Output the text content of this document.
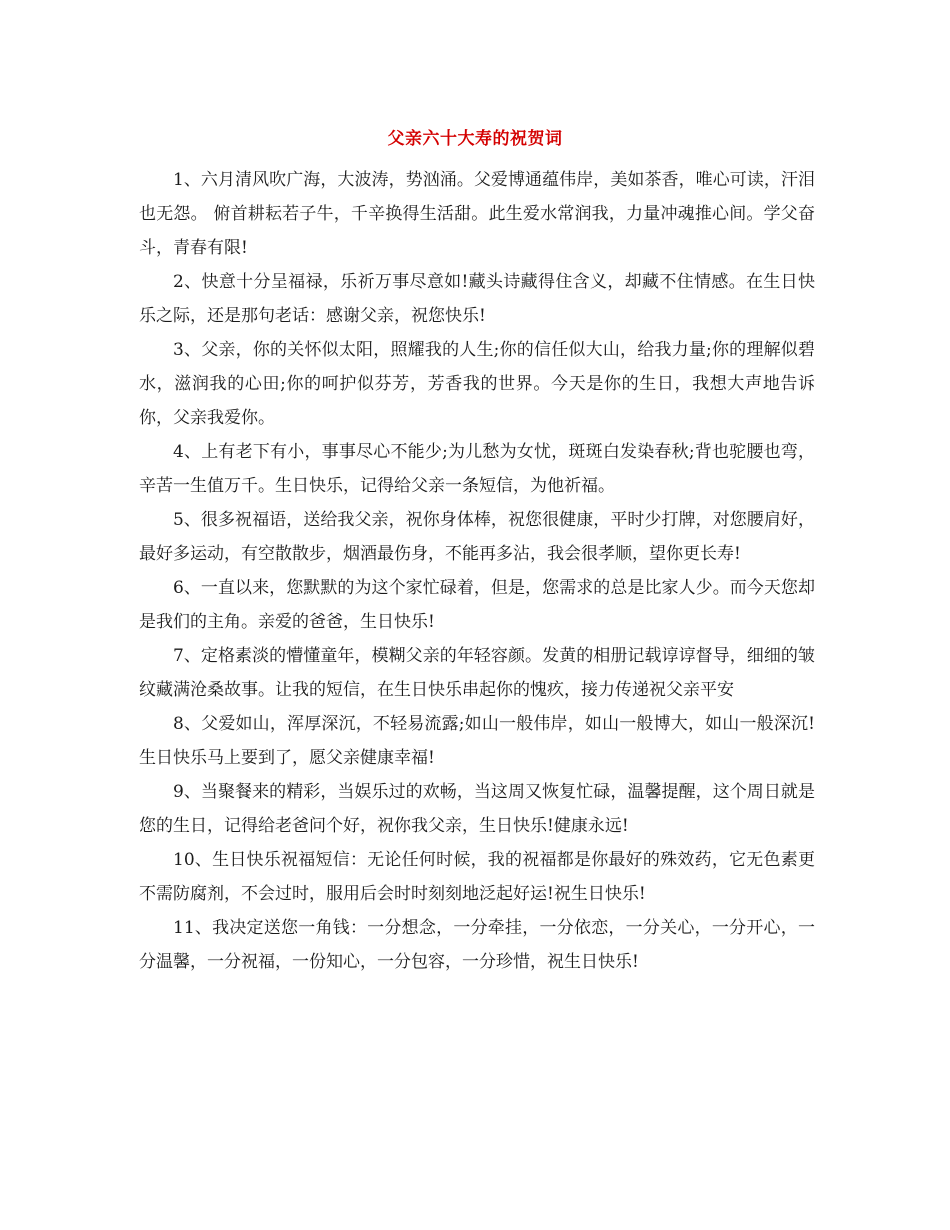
父亲六十大寿的祝贺词

1、六月清风吹广海，大波涛，势汹涌。父爱博通蕴伟岸，美如茶香，唯心可读，汗泪也无怨。 俯首耕耘若子牛，千辛换得生活甜。此生爱水常润我，力量冲魂推心间。学父奋斗，青春有限!

2、快意十分呈福禄，乐祈万事尽意如!藏头诗藏得住含义，却藏不住情感。在生日快乐之际，还是那句老话：感谢父亲，祝您快乐!

3、父亲，你的关怀似太阳，照耀我的人生;你的信任似大山，给我力量;你的理解似碧水，滋润我的心田;你的呵护似芬芳，芳香我的世界。今天是你的生日，我想大声地告诉你，父亲我爱你。

4、上有老下有小，事事尽心不能少;为儿愁为女忧，斑斑白发染春秋;背也驼腰也弯，辛苦一生值万千。生日快乐，记得给父亲一条短信，为他祈福。

5、很多祝福语，送给我父亲，祝你身体棒，祝您很健康，平时少打牌，对您腰肩好，最好多运动，有空散散步，烟酒最伤身，不能再多沾，我会很孝顺，望你更长寿!

6、一直以来，您默默的为这个家忙碌着，但是，您需求的总是比家人少。而今天您却是我们的主角。亲爱的爸爸，生日快乐!

7、定格素淡的懵懂童年，模糊父亲的年轻容颜。发黄的相册记载谆谆督导，细细的皱纹藏满沧桑故事。让我的短信，在生日快乐串起你的愧疚，接力传递祝父亲平安

8、父爱如山，浑厚深沉，不轻易流露;如山一般伟岸，如山一般博大，如山一般深沉!生日快乐马上要到了，愿父亲健康幸福!

9、当聚餐来的精彩，当娱乐过的欢畅，当这周又恢复忙碌，温馨提醒，这个周日就是您的生日，记得给老爸问个好，祝你我父亲，生日快乐!健康永远!

10、生日快乐祝福短信：无论任何时候，我的祝福都是你最好的殊效药，它无色素更不需防腐剂，不会过时，服用后会时时刻刻地泛起好运!祝生日快乐!

11、我决定送您一角钱：一分想念，一分牵挂，一分依恋，一分关心，一分开心，一分温馨，一分祝福，一份知心，一分包容，一分珍惜，祝生日快乐!
